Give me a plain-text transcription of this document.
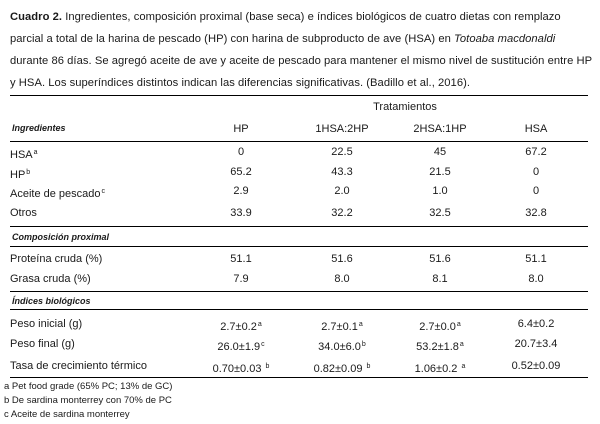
Cuadro 2. Ingredientes, composición proximal (base seca) e índices biológicos de cuatro dietas con remplazo parcial a total de la harina de pescado (HP) con harina de subproducto de ave (HSA) en Totoaba macdonaldi durante 86 días. Se agregó aceite de ave y aceite de pescado para mantener el mismo nivel de sustitución entre HP y HSA. Los superíndices distintos indican las diferencias significativas. (Badillo et al., 2016).
Tratamientos
Ingredientes	HP	1HSA:2HP	2HSA:1HP	HSA
HSA$^a$	0	22.5	45	67.2
$HP^b$	65.2	43.3	21.5	0
Aceite de pescado$^c$	2.9	2.0	1.0	0
Otros	33.9	32.2	32.5	32.8
Composición proximal
Proteína cruda (%)	51.1	51.6	51.6	51.1
Grasa cruda (%)	7.9	8.0	8.1	8.0
Índices biológicos
Peso inicial (g)	2.7±0.2$^a$	2.7±0.1$^a$	2.7±0.0$^a$	6.4±0.2
Peso final (g)	26.0±1.9$^c$	34.0±6.0$^b$	53.2±1.8$^a$	20.7±3.4
Tasa de crecimiento térmico	0.70±0.03 $^b$	0.82±0.09 $^b$	1.06±0.2 $^a$	0.52±0.09
a Pet food grade (65% PC; 13% de GC)
b De sardina monterrey con 70% de PC
c Aceite de sardina monterrey
